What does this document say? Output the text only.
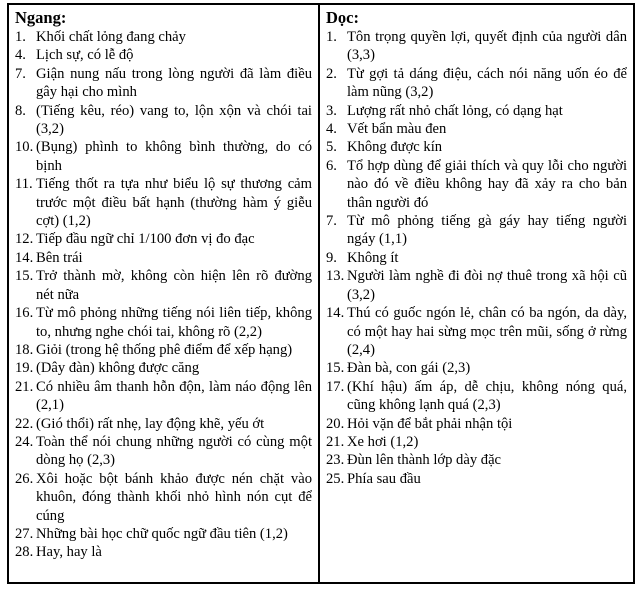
Ngang:
1. Khối chất lỏng đang chảy
4. Lịch sự, có lễ độ
7. Giận nung nấu trong lòng người đã làm điều gây hại cho mình
8. (Tiếng kêu, réo) vang to, lộn xộn và chói tai (3,2)
10. (Bụng) phình to không bình thường, do có bịnh
11. Tiếng thốt ra tựa như biểu lộ sự thương cảm trước một điều bất hạnh (thường hàm ý giễu cợt) (1,2)
12. Tiếp đầu ngữ chỉ 1/100 đơn vị đo đạc
14. Bên trái
15. Trở thành mờ, không còn hiện lên rõ đường nét nữa
16. Từ mô phỏng những tiếng nói liên tiếp, không to, nhưng nghe chói tai, không rõ (2,2)
18. Giỏi (trong hệ thống phê điểm để xếp hạng)
19. (Dây đàn) không được căng
21. Có nhiều âm thanh hỗn độn, làm náo động lên (2,1)
22. (Gió thổi) rất nhẹ, lay động khẽ, yếu ớt
24. Toàn thể nói chung những người có cùng một dòng họ (2,3)
26. Xôi hoặc bột bánh khảo được nén chặt vào khuôn, đóng thành khối nhỏ hình nón cụt để cúng
27. Những bài học chữ quốc ngữ đầu tiên (1,2)
28. Hay, hay là
Dọc:
1. Tôn trọng quyền lợi, quyết định của người dân (3,3)
2. Từ gợi tả dáng điệu, cách nói năng uốn éo để làm nũng (3,2)
3. Lượng rất nhỏ chất lỏng, có dạng hạt
4. Vết bẩn màu đen
5. Không được kín
6. Tổ hợp dùng để giải thích và quy lỗi cho người nào đó về điều không hay đã xảy ra cho bản thân người đó
7. Từ mô phỏng tiếng gà gáy hay tiếng người ngáy (1,1)
9. Không ít
13. Người làm nghề đi đòi nợ thuê trong xã hội cũ (3,2)
14. Thú có guốc ngón lẻ, chân có ba ngón, da dày, có một hay hai sừng mọc trên mũi, sống ở rừng (2,4)
15. Đàn bà, con gái (2,3)
17. (Khí hậu) ấm áp, dễ chịu, không nóng quá, cũng không lạnh quá (2,3)
20. Hỏi vặn để bắt phải nhận tội
21. Xe hơi (1,2)
23. Đùn lên thành lớp dày đặc
25. Phía sau đầu
